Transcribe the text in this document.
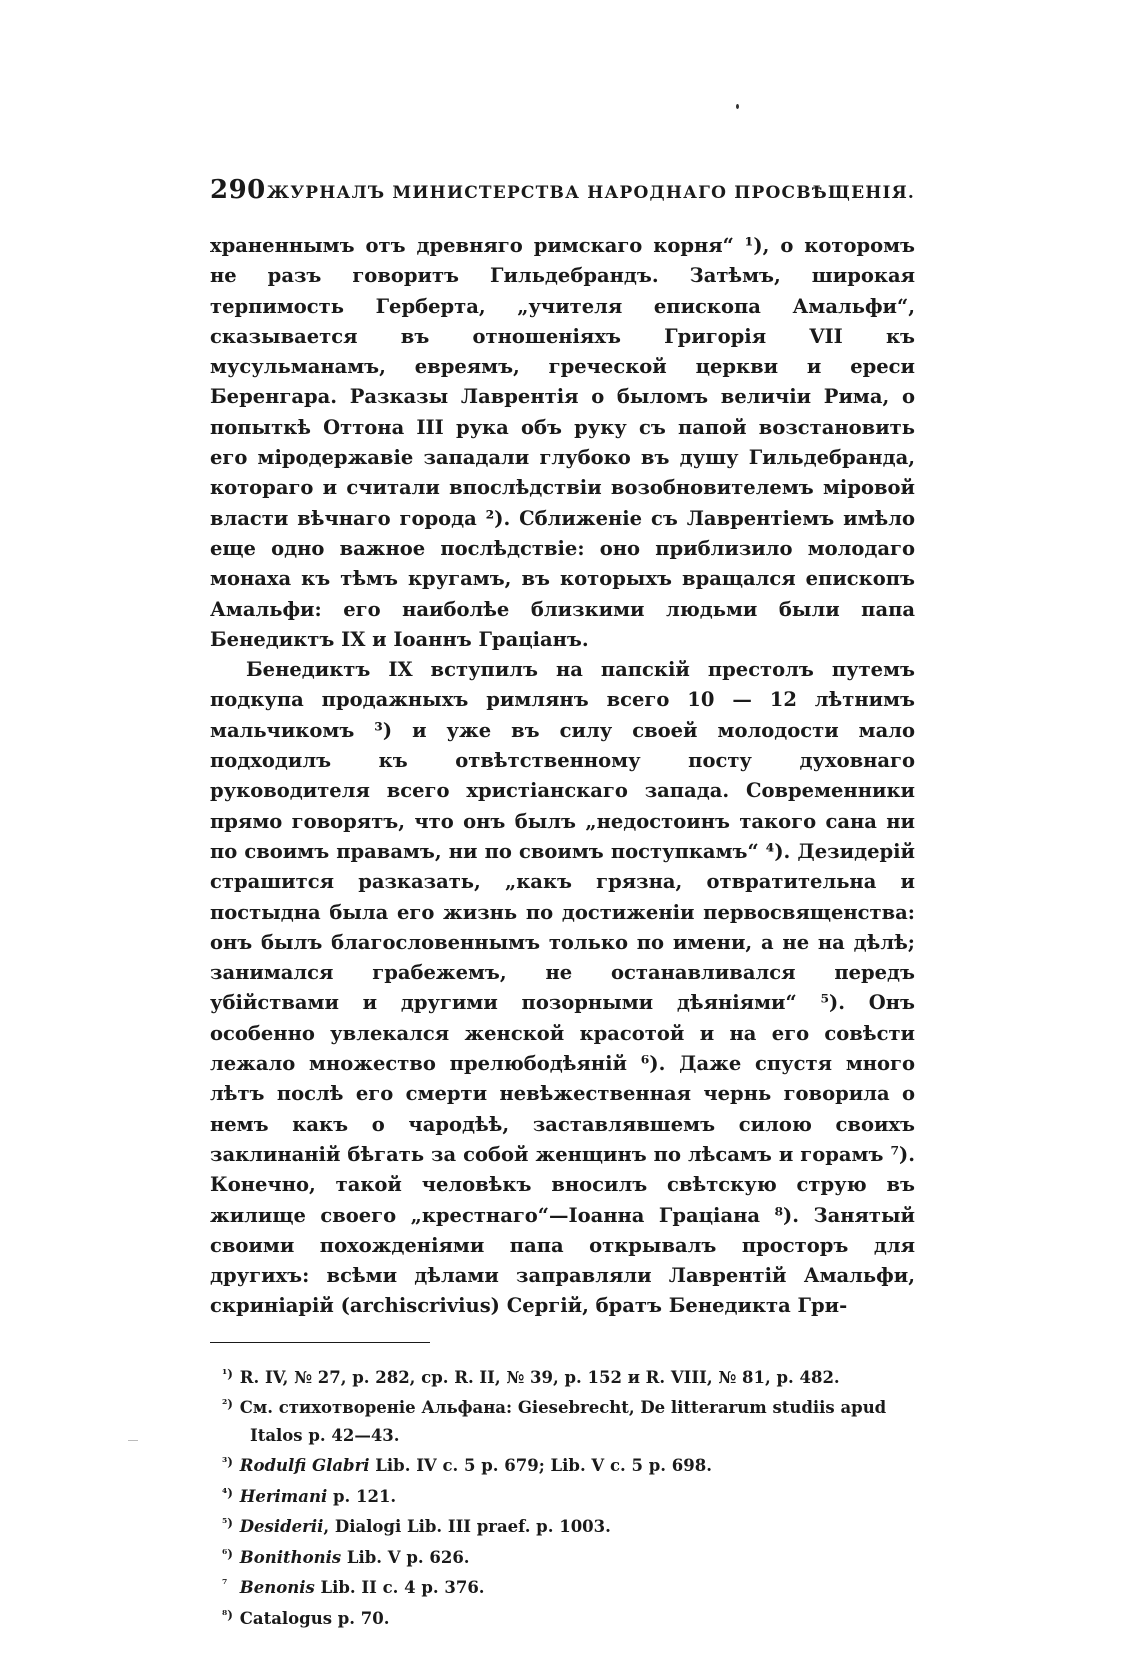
290 ЖУРНАЛЪ МИНИСТЕРСТВА НАРОДНАГО ПРОСВѢЩЕНІЯ.

храненнымъ отъ древняго римскаго корня“ ¹), о которомъ не разъ говоритъ Гильдебрандъ. Затѣмъ, широкая терпимость Герберта, „учителя епископа Амальфи“, сказывается въ отношеніяхъ Григорія VII къ мусульманамъ, евреямъ, греческой церкви и ереси Беренгара. Разказы Лаврентія о быломъ величіи Рима, о попыткѣ Оттона III рука объ руку съ папой возстановить его міродержавіе западали глубоко въ душу Гильдебранда, котораго и считали впослѣдствіи возобновителемъ міровой власти вѣчнаго города ²). Сближеніе съ Лаврентіемъ имѣло еще одно важное послѣдствіе: оно приблизило молодаго монаха къ тѣмъ кругамъ, въ которыхъ вращался епископъ Амальфи: его наиболѣе близкими людьми были папа Бенедиктъ IX и Іоаннъ Граціанъ.

Бенедиктъ IX вступилъ на папскій престолъ путемъ подкупа продажныхъ римлянъ всего 10 — 12 лѣтнимъ мальчикомъ ³) и уже въ силу своей молодости мало подходилъ къ отвѣтственному посту духовнаго руководителя всего христіанскаго запада. Современники прямо говорятъ, что онъ былъ „недостоинъ такого сана ни по своимъ правамъ, ни по своимъ поступкамъ“ ⁴). Дезидерій страшится разказать, „какъ грязна, отвратительна и постыдна была его жизнь по достиженіи первосвященства: онъ былъ благословеннымъ только по имени, а не на дѣлѣ; занимался грабежемъ, не останавливался передъ убійствами и другими позорными дѣяніями“ ⁵). Онъ особенно увлекался женской красотой и на его совѣсти лежало множество прелюбодѣяній ⁶). Даже спустя много лѣтъ послѣ его смерти невѣжественная чернь говорила о немъ какъ о чародѣѣ, заставлявшемъ силою своихъ заклинаній бѣгать за собой женщинъ по лѣсамъ и горамъ ⁷). Конечно, такой человѣкъ вносилъ свѣтскую струю въ жилище своего „крестнаго“—Іоанна Граціана ⁸). Занятый своими похожденіями папа открывалъ просторъ для другихъ: всѣми дѣлами заправляли Лаврентій Амальфи, скриніарій (archiscrivius) Сергій, братъ Бенедикта Гри-

¹) R. IV, № 27, p. 282, cp. R. II, № 39, p. 152 и R. VIII, № 81, p. 482.
²) См. стихотвореніе Альфана: Giesebrecht, De litterarum studiis apud Italos p. 42—43.
³) Rodulfi Glabri Lib. IV c. 5 p. 679; Lib. V c. 5 p. 698.
⁴) Herimani p. 121.
⁵) Desiderii, Dialogi Lib. III praef. p. 1003.
⁶) Bonithonis Lib. V p. 626.
⁷ Benonis Lib. II c. 4 p. 376.
⁸) Catalogus p. 70.
